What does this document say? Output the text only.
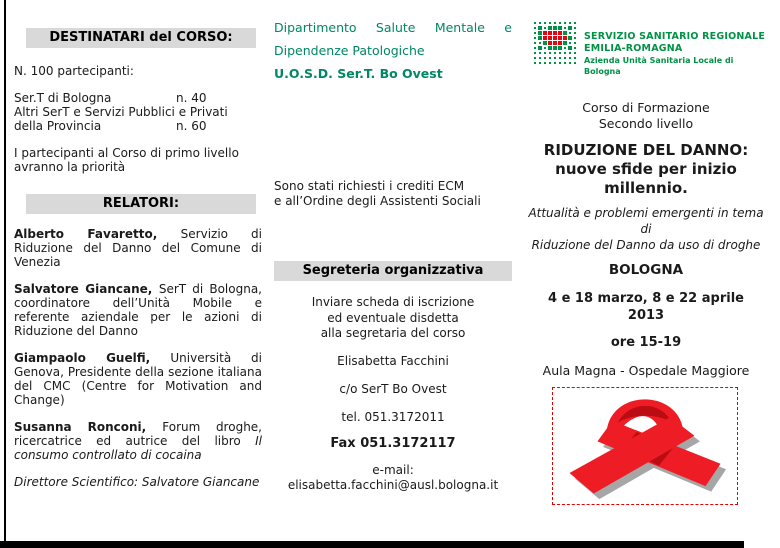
DESTINATARI del CORSO:
N. 100 partecipanti:
Ser.T di Bologna	n. 40
Altri SerT e Servizi Pubblici e Privati
della Provincia	n. 60
I partecipanti al Corso di primo livello avranno la priorità
RELATORI:

Alberto Favaretto, Servizio di Riduzione del Danno del Comune di Venezia

Salvatore Giancane, SerT di Bologna, coordinatore dell’Unità Mobile e referente aziendale per le azioni di Riduzione del Danno

Giampaolo Guelfi, Università di Genova, Presidente della sezione italiana del CMC (Centre for Motivation and Change)

Susanna Ronconi, Forum droghe, ricercatrice ed autrice del libro Il consumo controllato di cocaina

Direttore Scientifico: Salvatore Giancane
Dipartimento Salute Mentale e
Dipendenze Patologiche
U.O.S.D. Ser.T. Bo Ovest
Sono stati richiesti i crediti ECM
e all’Ordine degli Assistenti Sociali
Segreteria organizzativa
Inviare scheda di iscrizione
ed eventuale disdetta
alla segretaria del corso
Elisabetta Facchini
c/o SerT Bo Ovest
tel. 051.3172011
Fax 051.3172117
e-mail:
elisabetta.facchini@ausl.bologna.it
SERVIZIO SANITARIO REGIONALE
EMILIA-ROMAGNA
Azienda Unità Sanitaria Locale di Bologna
Corso di Formazione
Secondo livello
RIDUZIONE DEL DANNO:
nuove sfide per inizio
millennio.
Attualità e problemi emergenti in tema di
Riduzione del Danno da uso di droghe
BOLOGNA
4 e 18 marzo, 8 e 22 aprile
2013
ore 15-19
Aula Magna - Ospedale Maggiore
